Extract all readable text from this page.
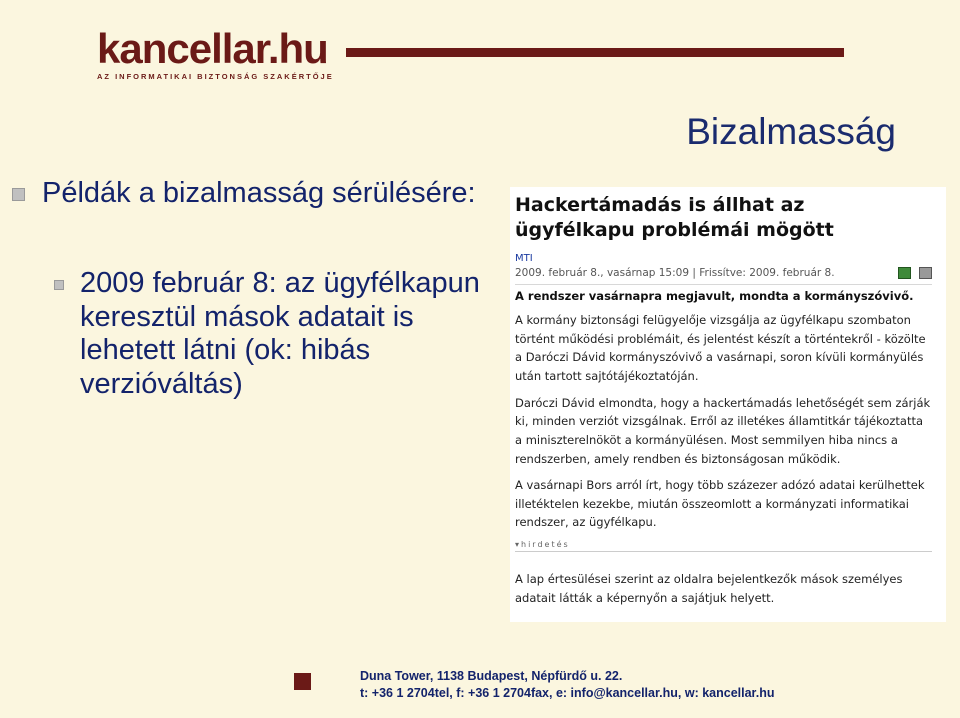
kancellar.hu
AZ INFORMATIKAI BIZTONSÁG SZAKÉRTŐJE
Bizalmasság
Példák a bizalmasság sérülésére:
2009 február 8: az ügyfélkapun keresztül mások adatait is lehetett látni (ok: hibás verzióváltás)
Hackertámadás is állhat az
ügyfélkapu problémái mögött
MTI
2009. február 8., vasárnap 15:09 | Frissítve: 2009. február 8.
A rendszer vasárnapra megjavult, mondta a kormányszóvivő.

A kormány biztonsági felügyelője vizsgálja az ügyfélkapu szombaton történt működési problémáit, és jelentést készít a történtekről - közölte a Daróczi Dávid kormányszóvivő a vasárnapi, soron kívüli kormányülés után tartott sajtótájékoztatóján.

Daróczi Dávid elmondta, hogy a hackertámadás lehetőségét sem zárják ki, minden verziót vizsgálnak. Erről az illetékes államtitkár tájékoztatta a miniszterelnököt a kormányülésen. Most semmilyen hiba nincs a rendszerben, amely rendben és biztonságosan működik.

A vasárnapi Bors arról írt, hogy több százezer adózó adatai kerülhettek illetéktelen kezekbe, miután összeomlott a kormányzati informatikai rendszer, az ügyfélkapu.

▾hirdetés

A lap értesülései szerint az oldalra bejelentkezők mások személyes adatait látták a képernyőn a sajátjuk helyett.

Duna Tower, 1138 Budapest, Népfürdő u. 22.
t: +36 1 2704tel, f: +36 1 2704fax, e: info@kancellar.hu, w: kancellar.hu
